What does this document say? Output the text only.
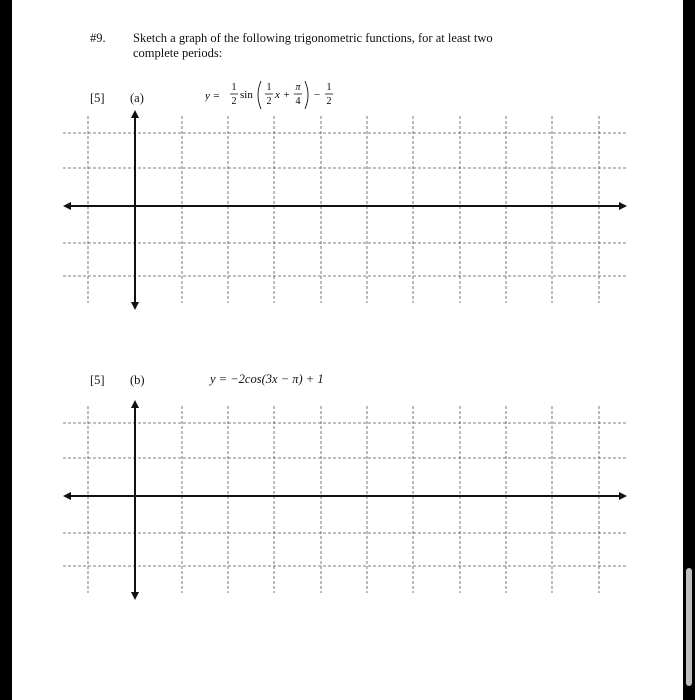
#9. Sketch a graph of the following trigonometric functions, for at least two complete periods:
[5] (a)	y =
1
2
sin
1
2
x +
π
4
−
1
2
[5] (b)	y = −2cos(3x − π) + 1
